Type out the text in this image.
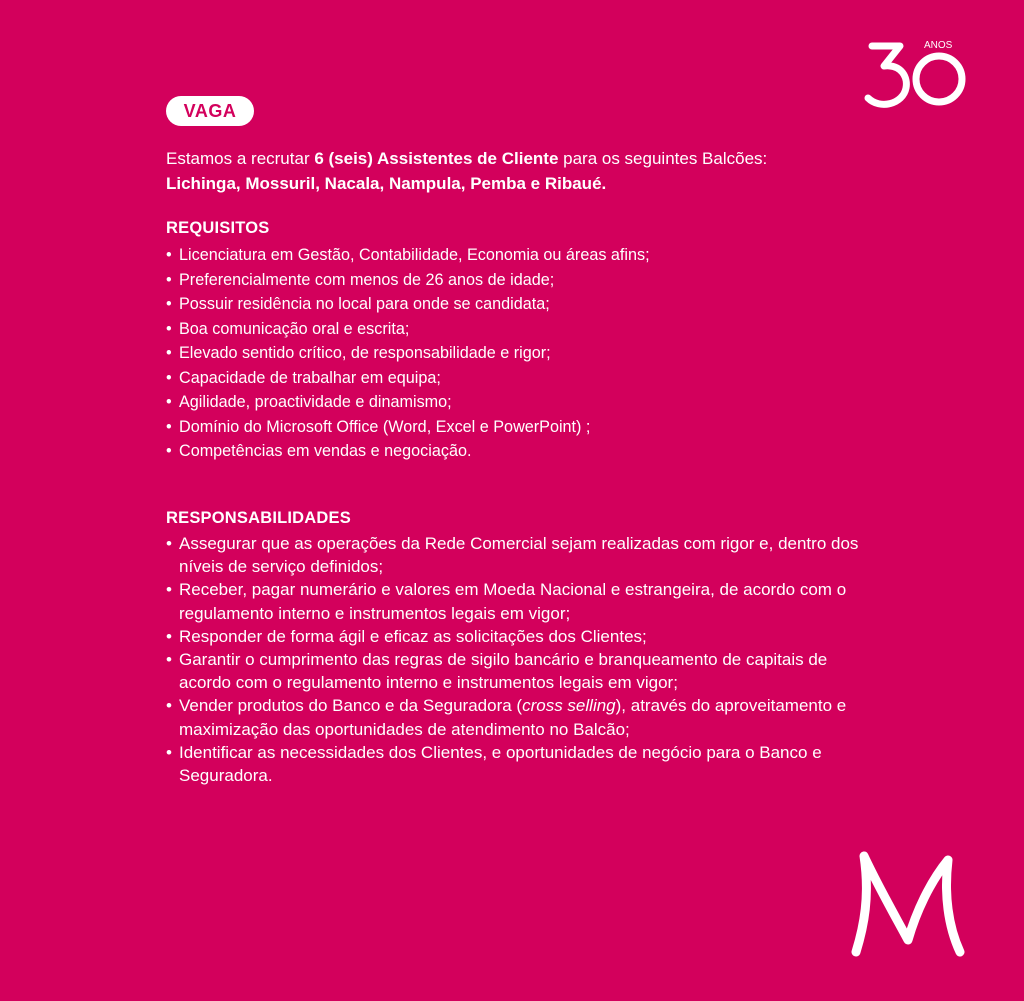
ANOS
30
VAGA

Estamos a recrutar 6 (seis) Assistentes de Cliente para os seguintes Balcões: Lichinga, Mossuril, Nacala, Nampula, Pemba e Ribaué.

REQUISITOS
• Licenciatura em Gestão, Contabilidade, Economia ou áreas afins;
• Preferencialmente com menos de 26 anos de idade;
• Possuir residência no local para onde se candidata;
• Boa comunicação oral e escrita;
• Elevado sentido crítico, de responsabilidade e rigor;
• Capacidade de trabalhar em equipa;
• Agilidade, proactividade e dinamismo;
• Domínio do Microsoft Office (Word, Excel e PowerPoint) ;
• Competências em vendas e negociação.
RESPONSABILIDADES
• Assegurar que as operações da Rede Comercial sejam realizadas com rigor e, dentro dos níveis de serviço definidos;
• Receber, pagar numerário e valores em Moeda Nacional e estrangeira, de acordo com o regulamento interno e instrumentos legais em vigor;
• Responder de forma ágil e eficaz as solicitações dos Clientes;
• Garantir o cumprimento das regras de sigilo bancário e branqueamento de capitais de acordo com o regulamento interno e instrumentos legais em vigor;
• Vender produtos do Banco e da Seguradora (cross selling), através do aproveitamento e maximização das oportunidades de atendimento no Balcão;
• Identificar as necessidades dos Clientes, e oportunidades de negócio para o Banco e Seguradora.
